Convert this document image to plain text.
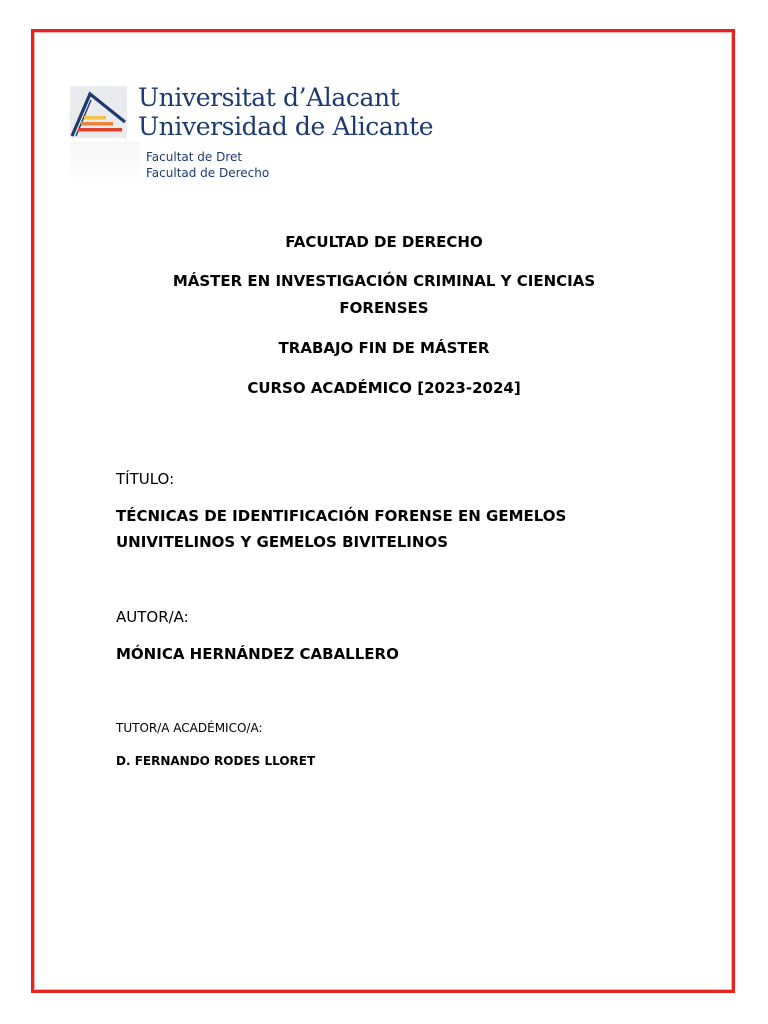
Universitat d’Alacant
Universidad de Alicante
Facultat de Dret
Facultad de Derecho
FACULTAD DE DERECHO
MÁSTER EN INVESTIGACIÓN CRIMINAL Y CIENCIAS
FORENSES
TRABAJO FIN DE MÁSTER
CURSO ACADÉMICO [2023-2024]
TÍTULO:
TÉCNICAS DE IDENTIFICACIÓN FORENSE EN GEMELOS
UNIVITELINOS Y GEMELOS BIVITELINOS
AUTOR/A:
MÓNICA HERNÁNDEZ CABALLERO
TUTOR/A ACADÉMICO/A:
D. FERNANDO RODES LLORET
